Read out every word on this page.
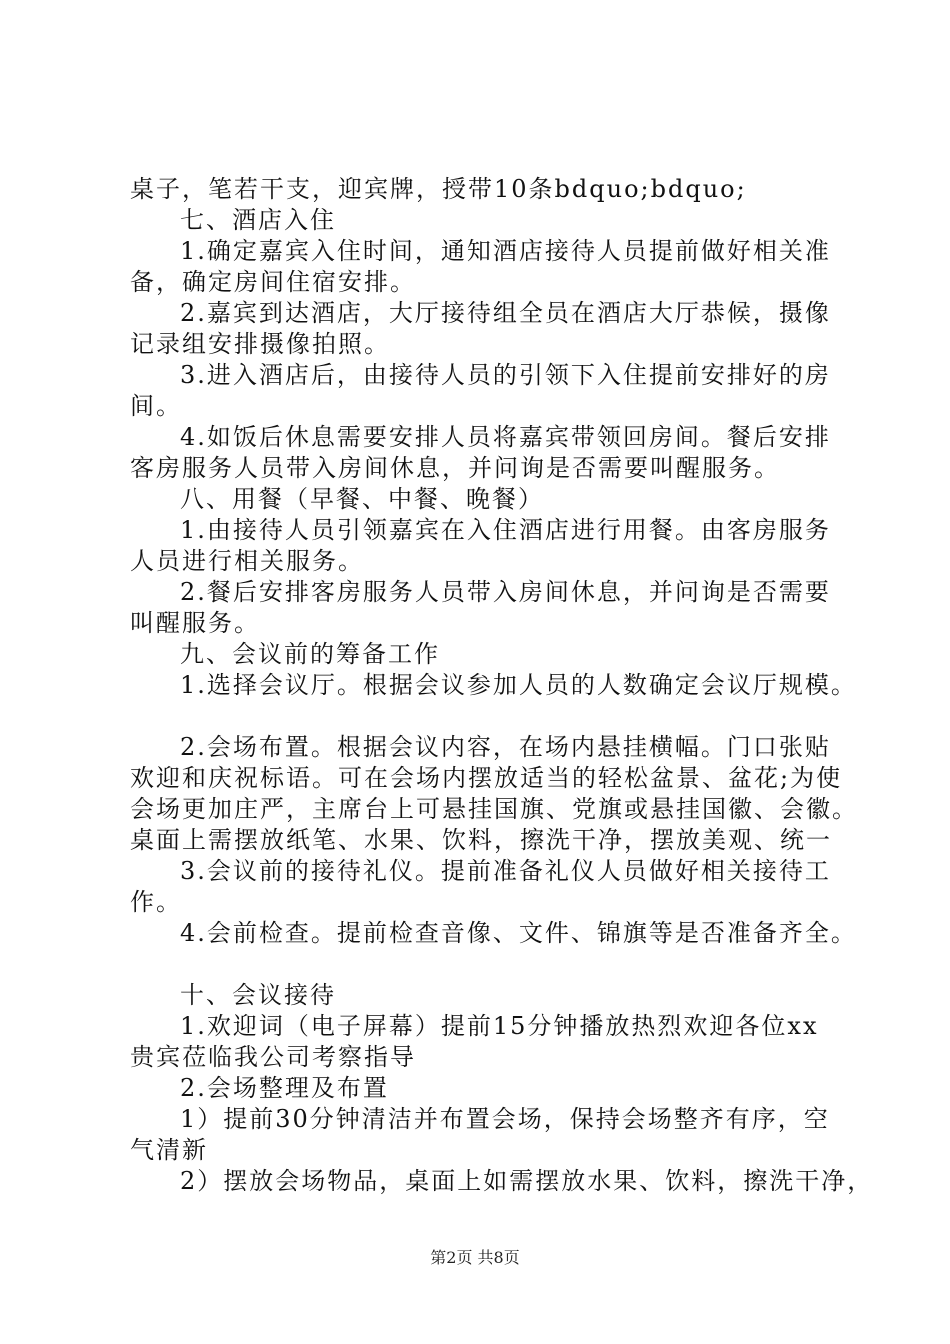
桌子，笔若干支，迎宾牌，授带10条bdquo;bdquo;
七、酒店入住
1.确定嘉宾入住时间，通知酒店接待人员提前做好相关准
备，确定房间住宿安排。
2.嘉宾到达酒店，大厅接待组全员在酒店大厅恭候，摄像
记录组安排摄像拍照。
3.进入酒店后，由接待人员的引领下入住提前安排好的房
间。
4.如饭后休息需要安排人员将嘉宾带领回房间。餐后安排
客房服务人员带入房间休息，并问询是否需要叫醒服务。
八、用餐（早餐、中餐、晚餐）
1.由接待人员引领嘉宾在入住酒店进行用餐。由客房服务
人员进行相关服务。
2.餐后安排客房服务人员带入房间休息，并问询是否需要
叫醒服务。
九、会议前的筹备工作
1.选择会议厅。根据会议参加人员的人数确定会议厅规模。
2.会场布置。根据会议内容，在场内悬挂横幅。门口张贴
欢迎和庆祝标语。可在会场内摆放适当的轻松盆景、盆花;为使
会场更加庄严，主席台上可悬挂国旗、党旗或悬挂国徽、会徽。
桌面上需摆放纸笔、水果、饮料，擦洗干净，摆放美观、统一
3.会议前的接待礼仪。提前准备礼仪人员做好相关接待工
作。
4.会前检查。提前检查音像、文件、锦旗等是否准备齐全。
十、会议接待
1.欢迎词（电子屏幕）提前15分钟播放热烈欢迎各位xx
贵宾莅临我公司考察指导
2.会场整理及布置
1）提前30分钟清洁并布置会场，保持会场整齐有序，空
气清新
2）摆放会场物品，桌面上如需摆放水果、饮料，擦洗干净，
第2页 共8页
